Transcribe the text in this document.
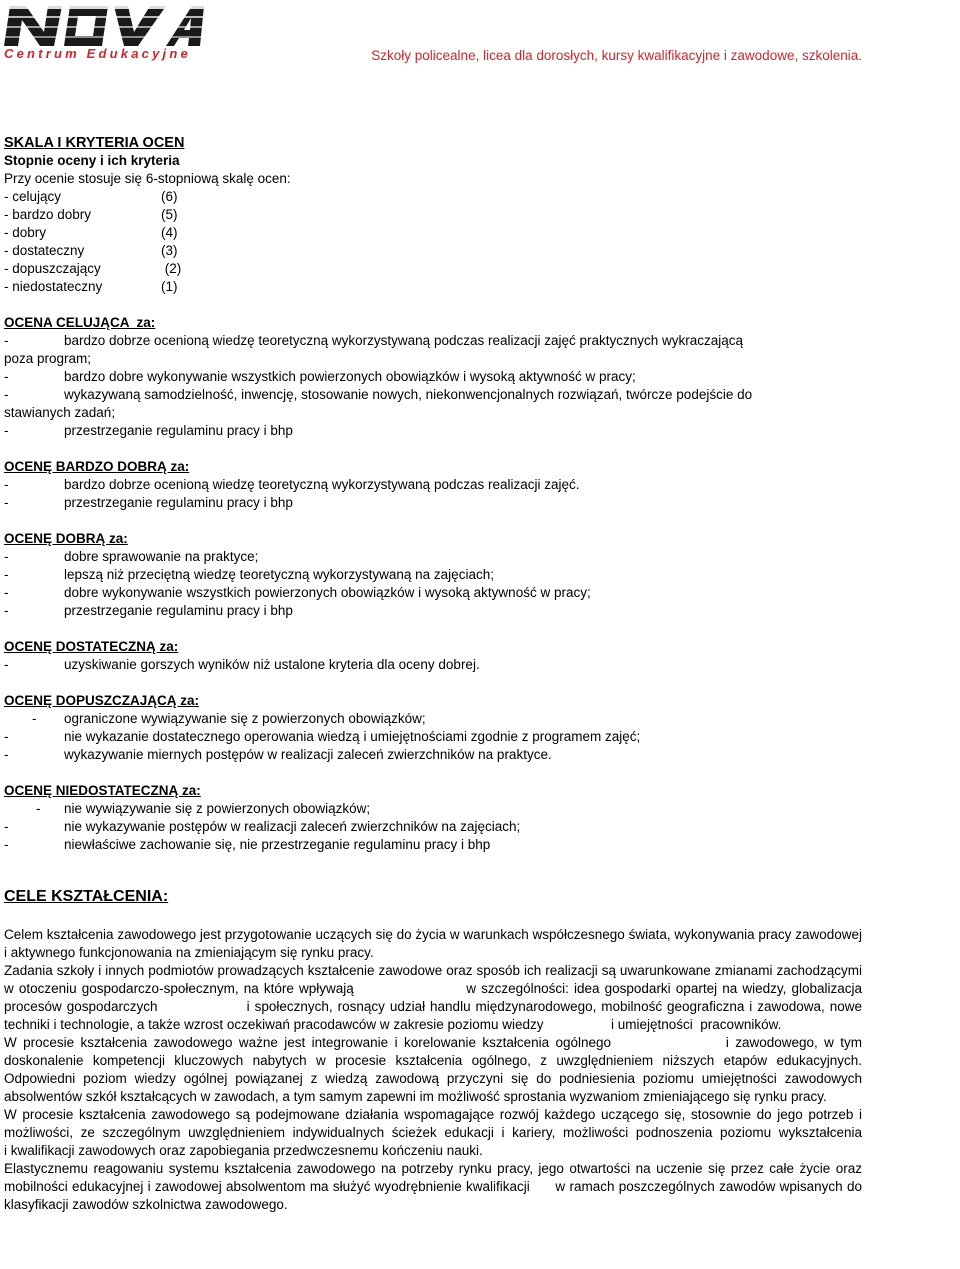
Centrum Edukacyjne	Szkoły policealne, licea dla dorosłych, kursy kwalifikacyjne i zawodowe, szkolenia.

SKALA I KRYTERIA OCEN

Stopnie oceny i ich kryteria

Przy ocenie stosuje się 6-stopniową skalę ocen:

- celujący	(6)
- bardzo dobry	(5)
- dobry	(4)
- dostateczny	(3)
- dopuszczający	(2)
- niedostateczny	(1)

OCENA CELUJĄCA  za:

-	bardzo dobrze ocenioną wiedzę teoretyczną wykorzystywaną podczas realizacji zajęć praktycznych wykraczającą

poza program;

-	bardzo dobre wykonywanie wszystkich powierzonych obowiązków i wysoką aktywność w pracy;
-	wykazywaną samodzielność, inwencję, stosowanie nowych, niekonwencjonalnych rozwiązań, twórcze podejście do

stawianych zadań;

-	przestrzeganie regulaminu pracy i bhp

OCENĘ BARDZO DOBRĄ za:

-	bardzo dobrze ocenioną wiedzę teoretyczną wykorzystywaną podczas realizacji zajęć.
-	przestrzeganie regulaminu pracy i bhp

OCENĘ DOBRĄ za:

-	dobre sprawowanie na praktyce;
-	lepszą niż przeciętną wiedzę teoretyczną wykorzystywaną na zajęciach;
-	dobre wykonywanie wszystkich powierzonych obowiązków i wysoką aktywność w pracy;
-	przestrzeganie regulaminu pracy i bhp

OCENĘ DOSTATECZNĄ za:

-	uzyskiwanie gorszych wyników niż ustalone kryteria dla oceny dobrej.

OCENĘ DOPUSZCZAJĄCĄ za:

- ograniczone wywiązywanie się z powierzonych obowiązków;
-	nie wykazanie dostatecznego operowania wiedzą i umiejętnościami zgodnie z programem zajęć;
-	wykazywanie miernych postępów w realizacji zaleceń zwierzchników na praktyce.

OCENĘ NIEDOSTATECZNĄ za:

- nie wywiązywanie się z powierzonych obowiązków;
-	nie wykazywanie postępów w realizacji zaleceń zwierzchników na zajęciach;
-	niewłaściwe zachowanie się, nie przestrzeganie regulaminu pracy i bhp

CELE KSZTAŁCENIA:

Celem kształcenia zawodowego jest przygotowanie uczących się do życia w warunkach współczesnego świata, wykonywania pracy zawodowej i aktywnego funkcjonowania na zmieniającym się rynku pracy.

Zadania szkoły i innych podmiotów prowadzących kształcenie zawodowe oraz sposób ich realizacji są uwarunkowane zmianami zachodzącymi w otoczeniu gospodarczo-społecznym, na które wpływają                      w szczególności: idea gospodarki opartej na wiedzy, globalizacja procesów gospodarczych                  i społecznych, rosnący udział handlu międzynarodowego, mobilność geograficzna i zawodowa, nowe techniki i technologie, a także wzrost oczekiwań pracodawców w zakresie poziomu wiedzy                  i umiejętności  pracowników.

W procesie kształcenia zawodowego ważne jest integrowanie i korelowanie kształcenia ogólnego                  i zawodowego, w tym doskonalenie kompetencji kluczowych nabytych w procesie kształcenia ogólnego, z uwzględnieniem niższych etapów edukacyjnych. Odpowiedni poziom wiedzy ogólnej powiązanej z wiedzą zawodową przyczyni się do podniesienia poziomu umiejętności zawodowych absolwentów szkół kształcących w zawodach, a tym samym zapewni im możliwość sprostania wyzwaniom zmieniającego się rynku pracy.

W procesie kształcenia zawodowego są podejmowane działania wspomagające rozwój każdego uczącego się, stosownie do jego potrzeb i możliwości, ze szczególnym uwzględnieniem indywidualnych ścieżek edukacji i kariery, możliwości podnoszenia poziomu wykształcenia                  i kwalifikacji zawodowych oraz zapobiegania przedwczesnemu kończeniu nauki.

Elastycznemu reagowaniu systemu kształcenia zawodowego na potrzeby rynku pracy, jego otwartości na uczenie się przez całe życie oraz mobilności edukacyjnej i zawodowej absolwentom ma służyć wyodrębnienie kwalifikacji      w ramach poszczególnych zawodów wpisanych do klasyfikacji zawodów szkolnictwa zawodowego.
